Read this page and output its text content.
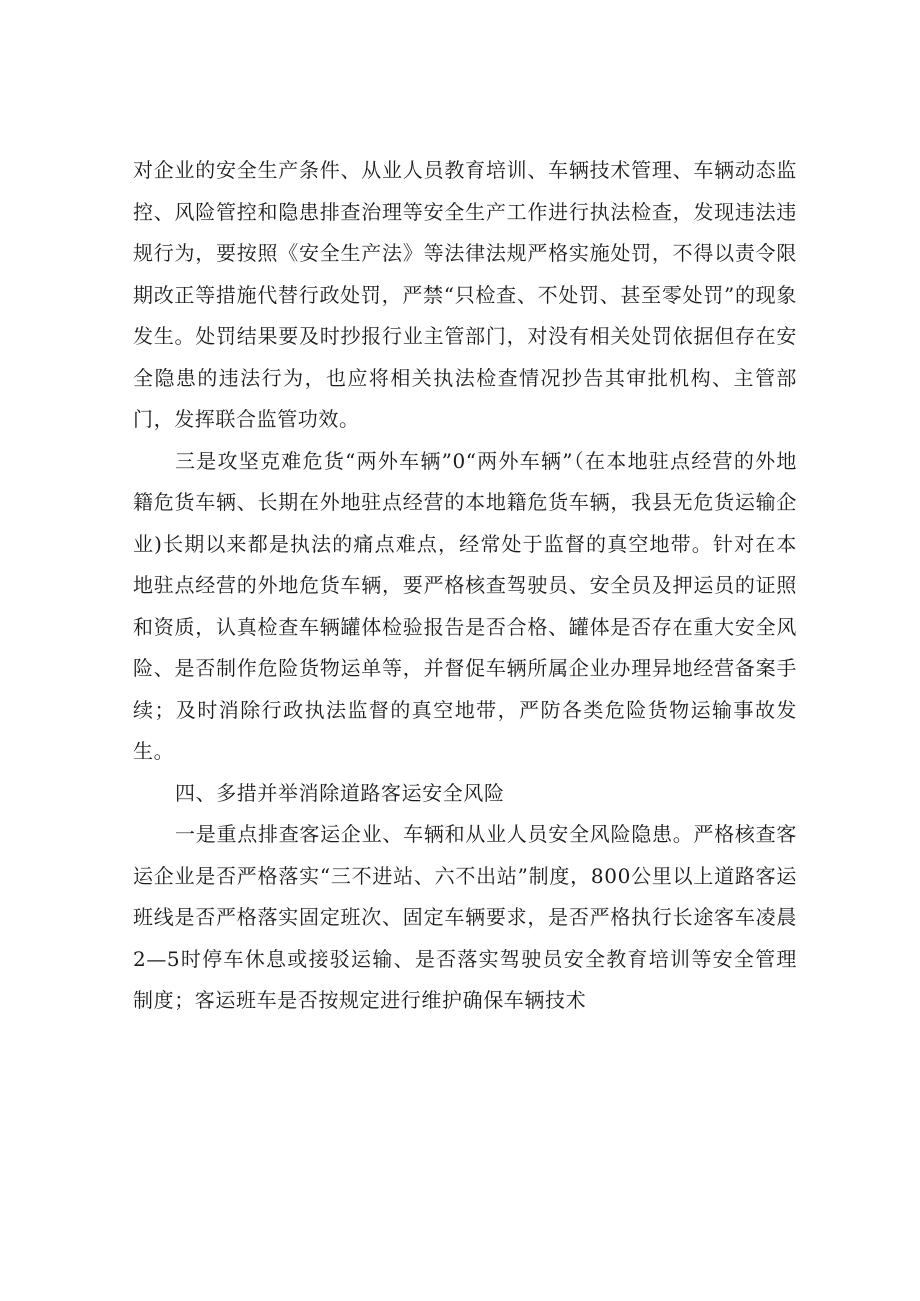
对企业的安全生产条件、从业人员教育培训、车辆技术管理、车辆动态监控、风险管控和隐患排查治理等安全生产工作进行执法检查，发现违法违规行为，要按照《安全生产法》等法律法规严格实施处罚，不得以责令限期改正等措施代替行政处罚，严禁“只检查、不处罚、甚至零处罚”的现象发生。处罚结果要及时抄报行业主管部门，对没有相关处罚依据但存在安全隐患的违法行为，也应将相关执法检查情况抄告其审批机构、主管部门，发挥联合监管功效。

三是攻坚克难危货“两外车辆”0“两外车辆”（在本地驻点经营的外地籍危货车辆、长期在外地驻点经营的本地籍危货车辆，我县无危货运输企业)长期以来都是执法的痛点难点，经常处于监督的真空地带。针对在本地驻点经营的外地危货车辆，要严格核查驾驶员、安全员及押运员的证照和资质，认真检查车辆罐体检验报告是否合格、罐体是否存在重大安全风险、是否制作危险货物运单等，并督促车辆所属企业办理异地经营备案手续；及时消除行政执法监督的真空地带，严防各类危险货物运输事故发生。

四、多措并举消除道路客运安全风险

一是重点排查客运企业、车辆和从业人员安全风险隐患。严格核查客运企业是否严格落实“三不进站、六不出站”制度，800公里以上道路客运班线是否严格落实固定班次、固定车辆要求，是否严格执行长途客车凌晨2—5时停车休息或接驳运输、是否落实驾驶员安全教育培训等安全管理制度；客运班车是否按规定进行维护确保车辆技术
